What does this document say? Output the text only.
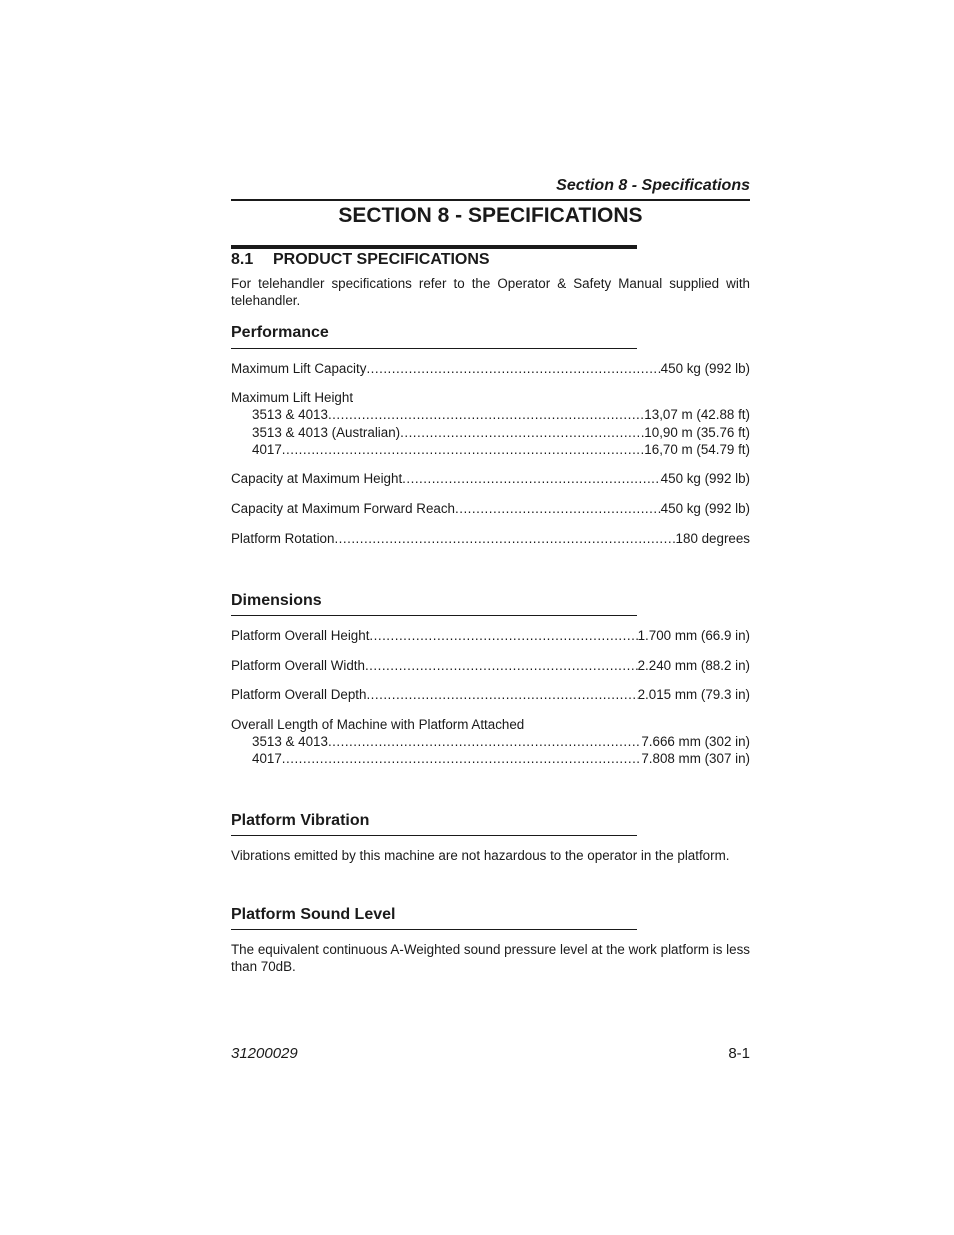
Section 8 - Specifications
SECTION 8 - SPECIFICATIONS
8.1 PRODUCT SPECIFICATIONS
For telehandler specifications refer to the Operator & Safety Manual supplied with telehandler.
Performance
Maximum Lift Capacity .....	450 kg (992 lb)
Maximum Lift Height
3513 & 4013 .....	13,07 m (42.88 ft)
3513 & 4013 (Australian) .....	10,90 m (35.76 ft)
4017 .....	16,70 m (54.79 ft)
Capacity at Maximum Height .....	450 kg (992 lb)
Capacity at Maximum Forward Reach .....	450 kg (992 lb)
Platform Rotation .....	180 degrees
Dimensions
Platform Overall Height .....	1.700 mm (66.9 in)
Platform Overall Width .....	2.240 mm (88.2 in)
Platform Overall Depth .....	2.015 mm (79.3 in)
Overall Length of Machine with Platform Attached
3513 & 4013 .....	7.666 mm (302 in)
4017 .....	7.808 mm (307 in)
Platform Vibration
Vibrations emitted by this machine are not hazardous to the operator in the platform.
Platform Sound Level
The equivalent continuous A-Weighted sound pressure level at the work platform is less than 70dB.
31200029	8-1
